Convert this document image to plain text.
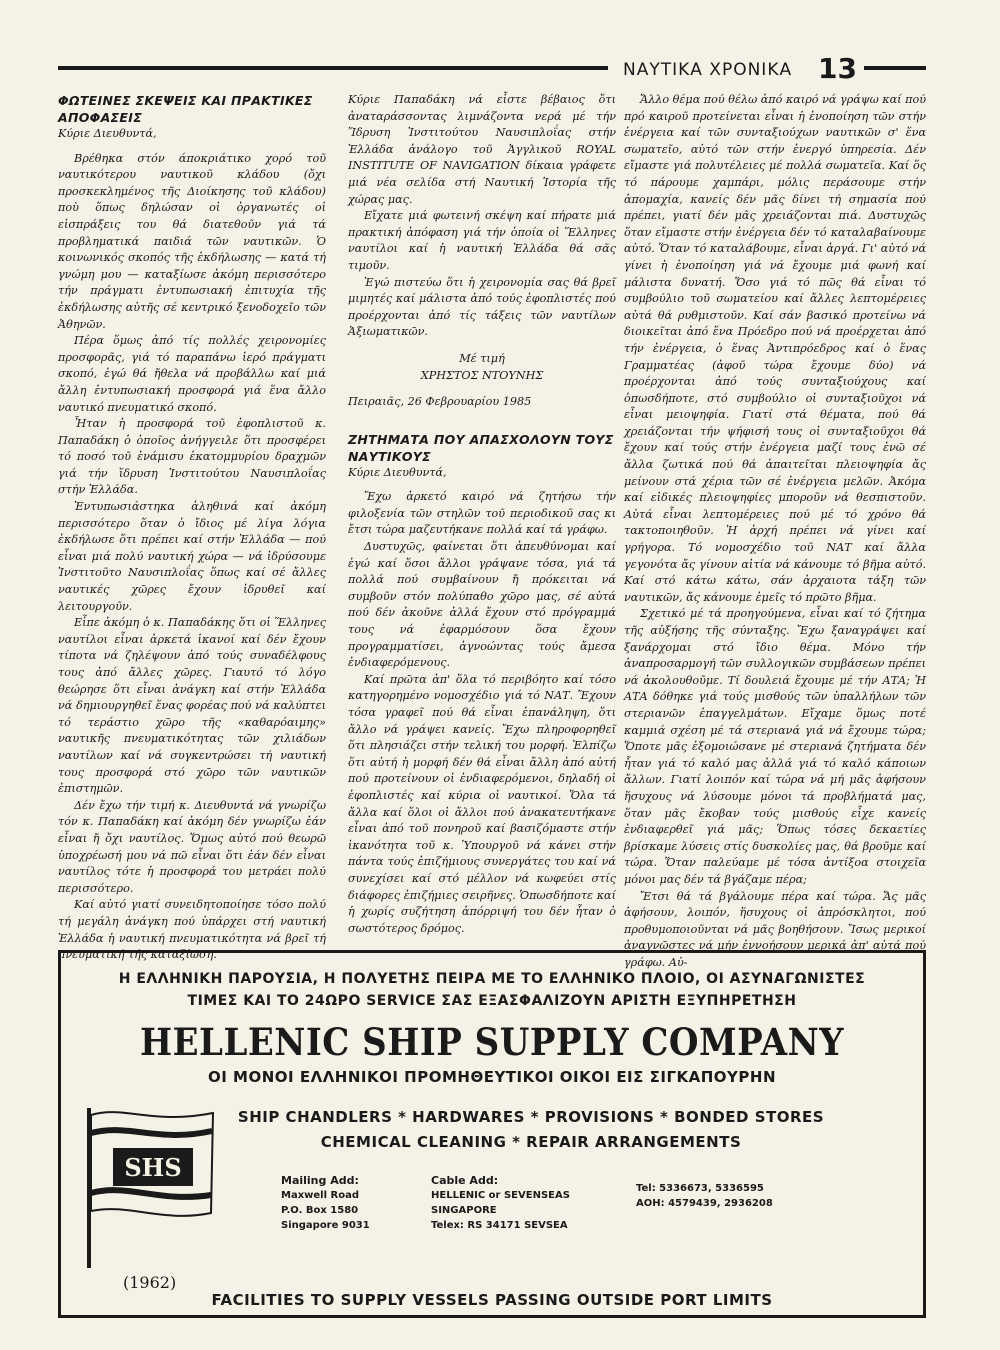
ΝΑΥΤΙΚΑ ΧΡΟΝΙΚΑ 13
ΦΩΤΕΙΝΕΣ ΣΚΕΨΕΙΣ ΚΑΙ ΠΡΑΚΤΙΚΕΣ
ΑΠΟΦΑΣΕΙΣ

Κύριε Διευθυντά,

Βρέθηκα στόν άποκριάτικο χορό τοῦ ναυτικότερου ναυτικοῦ κλάδου (ὄχι προσκεκλημένος τῆς Διοίκησης τοῦ κλάδου) ποὺ ὅπως δηλώσαν οἱ ὀργανωτές οἱ εἰσπράξεις του θά διατεθοῦν γιά τά προβληματικά παιδιά τῶν ναυτικῶν. Ὁ κοινωνικός σκοπός τῆς ἐκδήλωσης — κατά τή γνώμη μου — καταξίωσε ἀκόμη περισσότερο τήν πράγματι ἐντυπωσιακή ἐπιτυχία τῆς ἐκδήλωσης αὐτῆς σέ κεντρικό ξενοδοχεῖο τῶν Ἀθηνῶν.

Πέρα ὅμως ἀπό τίς πολλές χειρονομίες προσφορᾶς, γιά τό παραπάνω ἱερό πράγματι σκοπό, ἐγώ θά ἤθελα νά προβάλλω καί μιά ἄλλη ἐντυπωσιακή προσφορά γιά ἕνα ἄλλο ναυτικό πνευματικό σκοπό.

Ἦταν ἡ προσφορά τοῦ ἐφοπλιστοῦ κ. Παπαδάκη ὁ ὁποῖος ἀνήγγειλε ὅτι προσφέρει τό ποσό τοῦ ἑνάμισυ ἑκατομμυρίου δραχμῶν γιά τήν ἵδρυση Ἰνστιτούτου Ναυσιπλοΐας στήν Ἑλλάδα.

Ἐντυπωσιάστηκα ἀληθινά καί ἀκόμη περισσότερο ὅταν ὁ ἴδιος μέ λίγα λόγια ἐκδήλωσε ὅτι πρέπει καί στήν Ἑλλάδα — πού εἶναι μιά πολύ ναυτική χώρα — νά ἱδρύσουμε Ἰνστιτοῦτο Ναυσιπλοΐας ὅπως καί σέ ἄλλες ναυτικές χῶρες ἔχουν ἱδρυθεῖ καί λειτουργοῦν.

Εἶπε ἀκόμη ὁ κ. Παπαδάκης ὅτι οἱ Ἕλληνες ναυτίλοι εἶναι ἀρκετά ἱκανοί καί δέν ἔχουν τίποτα νά ζηλέψουν ἀπό τούς συναδέλφους τους ἀπό ἄλλες χῶρες. Γιαυτό τό λόγο θεώρησε ὅτι εἶναι ἀνάγκη καί στήν Ἑλλάδα νά δημιουργηθεῖ ἕνας φορέας πού νά καλύπτει τό τεράστιο χῶρο τῆς «καθαρόαιμης» ναυτικῆς πνευματικότητας τῶν χιλιάδων ναυτίλων καί νά συγκεντρώσει τή ναυτική τους προσφορά στό χῶρο τῶν ναυτικῶν ἐπιστημῶν.

Δέν ἔχω τήν τιμή κ. Διευθυντά νά γνωρίζω τόν κ. Παπαδάκη καί ἀκόμη δέν γνωρίζω ἐάν εἶναι ἤ ὄχι ναυτίλος. Ὅμως αὐτό πού θεωρῶ ὑποχρέωσή μου νά πῶ εἶναι ὅτι ἐάν δέν εἶναι ναυτίλος τότε ἡ προσφορά του μετράει πολύ περισσότερο.

Καί αὐτό γιατί συνειδητοποίησε τόσο πολύ τή μεγάλη ἀνάγκη πού ὑπάρχει στή ναυτική Ἑλλάδα ἡ ναυτική πνευματικότητα νά βρεῖ τή πνευματική τής καταξίωση.

Κύριε Παπαδάκη νά εἶστε βέβαιος ὅτι ἀναταράσσοντας λιμνάζοντα νερά μέ τήν Ἵδρυση Ἰνστιτούτου Ναυσιπλοΐας στήν Ἑλλάδα ἀνάλογο τοῦ Ἀγγλικοῦ ROYAL INSTITUTE OF NAVIGATION δίκαια γράφετε μιά νέα σελίδα στή Ναυτική Ἱστορία τῆς χώρας μας.

Εἴχατε μιά φωτεινή σκέψη καί πήρατε μιά πρακτική ἀπόφαση γιά τήν ὁποία οἱ Ἕλληνες ναυτίλοι καί ἡ ναυτική Ἑλλάδα θά σᾶς τιμοῦν.

Ἐγώ πιστεύω ὅτι ἡ χειρονομία σας θά βρεῖ μιμητές καί μάλιστα ἀπό τούς ἐφοπλιστές πού προέρχονται ἀπό τίς τάξεις τῶν ναυτίλων Ἀξιωματικῶν.

Μέ τιμή

ΧΡΗΣΤΟΣ ΝΤΟΥΝΗΣ

Πειραιᾶς, 26 Φεβρουαρίου 1985

ΖΗΤΗΜΑΤΑ ΠΟΥ ΑΠΑΣΧΟΛΟΥΝ ΤΟΥΣ
ΝΑΥΤΙΚΟΥΣ

Κύριε Διευθυντά,

Ἔχω ἀρκετό καιρό νά ζητήσω τήν φιλοξενία τῶν στηλῶν τοῦ περιοδικοῦ σας κι ἔτσι τώρα μαζευτήκανε πολλά καί τά γράφω.

Δυστυχῶς, φαίνεται ὅτι ἀπευθύνομαι καί ἐγώ καί ὅσοι ἄλλοι γράψανε τόσα, γιά τά πολλά πού συμβαίνουν ἤ πρόκειται νά συμβοῦν στόν πολύπαθο χῶρο μας, σέ αὐτά πού δέν ἀκοῦνε ἀλλά ἔχουν στό πρόγραμμά τους νά ἐφαρμόσουν ὅσα ἔχουν προγραμματίσει, ἀγνοώντας τούς ἄμεσα ἐνδιαφερόμενους.

Καί πρῶτα ἀπ' ὅλα τό περιβόητο καί τόσο κατηγορημένο νομοσχέδιο γιά τό ΝΑΤ. Ἔχουν τόσα γραφεῖ πού θά εἶναι ἐπανάληψη, ὅτι ἄλλο νά γράψει κανείς. Ἔχω πληροφορηθεῖ ὅτι πλησιάζει στήν τελική του μορφή. Ἐλπίζω ὅτι αὐτή ἡ μορφή δέν θά εἶναι ἄλλη ἀπό αὐτή πού προτείνουν οἱ ἐνδιαφερόμενοι, δηλαδή οἱ ἐφοπλιστές καί κύρια οἱ ναυτικοί. Ὅλα τά ἄλλα καί ὅλοι οἱ ἄλλοι πού ἀνακατευτήκανε εἶναι ἀπό τοῦ πονηροῦ καί βασιζόμαστε στήν ἱκανότητα τοῦ κ. Ὑπουργοῦ νά κάνει στήν πάντα τούς ἐπιζήμιους συνεργάτες του καί νά συνεχίσει καί στό μέλλον νά κωφεύει στίς διάφορες ἐπιζήμιες σειρῆνες. Ὁπωσδήποτε καί ἡ χωρίς συζήτηση ἀπόρριψή του δέν ἦταν ὁ σωστότερος δρόμος.

Ἄλλο θέμα πού θέλω ἀπό καιρό νά γράψω καί πού πρό καιροῦ προτείνεται εἶναι ἡ ἑνοποίηση τῶν στήν ἐνέργεια καί τῶν συνταξιούχων ναυτικῶν σ' ἕνα σωματεῖο, αὐτό τῶν στήν ἐνεργό ὑπηρεσία. Δέν εἴμαστε γιά πολυτέλειες μέ πολλά σωματεῖα. Καί ὅς τό πάρουμε χαμπάρι, μόλις περάσουμε στήν ἀπομαχία, κανείς δέν μᾶς δίνει τή σημασία πού πρέπει, γιατί δέν μᾶς χρειάζονται πιά. Δυστυχῶς ὅταν εἴμαστε στήν ἐνέργεια δέν τό καταλαβαίνουμε αὐτό. Ὅταν τό καταλάβουμε, εἶναι ἀργά. Γι' αὐτό νά γίνει ἡ ἑνοποίηση γιά νά ἔχουμε μιά φωνή καί μάλιστα δυνατή. Ὅσο γιά τό πῶς θά εἶναι τό συμβούλιο τοῦ σωματείου καί ἄλλες λεπτομέρειες αὐτά θά ρυθμιστοῦν. Καί σάν βασικό προτείνω νά διοικεῖται ἀπό ἕνα Πρόεδρο πού νά προέρχεται ἀπό τήν ἐνέργεια, ὁ ἕνας Ἀντιπρόεδρος καί ὁ ἕνας Γραμματέας (ἀφοῦ τώρα ἔχουμε δύο) νά προέρχονται ἀπό τούς συνταξιούχους καί ὁπωσδήποτε, στό συμβούλιο οἱ συνταξιοῦχοι νά εἶναι μειοψηφία. Γιατί στά θέματα, πού θά χρειάζονται τήν ψήφισή τους οἱ συνταξιοῦχοι θά ἔχουν καί τούς στήν ἐνέργεια μαζί τους ἐνῶ σέ ἄλλα ζωτικά πού θά ἀπαιτεῖται πλειοψηφία ἄς μείνουν στά χέρια τῶν σέ ἐνέργεια μελῶν. Ἀκόμα καί εἰδικές πλειοψηφίες μποροῦν νά θεσπιστοῦν. Αὐτά εἶναι λεπτομέρειες πού μέ τό χρόνο θά τακτοποιηθοῦν. Ἡ ἀρχή πρέπει νά γίνει καί γρήγορα. Τό νομοσχέδιο τοῦ ΝΑΤ καί ἄλλα γεγονότα ἄς γίνουν αἰτία νά κάνουμε τό βῆμα αὐτό. Καί στό κάτω κάτω, σάν ἀρχαιοτα τάξη τῶν ναυτικῶν, ἄς κάνουμε ἐμεῖς τό πρῶτο βῆμα.

Σχετικό μέ τά προηγούμενα, εἶναι καί τό ζήτημα τῆς αὐξήσης τῆς σύνταξης. Ἔχω ξαναγράψει καί ξανάρχομαι στό ἴδιο θέμα. Μόνο τήν ἀναπροσαρμογή τῶν συλλογικῶν συμβάσεων πρέπει νά ἀκολουθοῦμε. Τί δουλειά ἔχουμε μέ τήν ΑΤΑ; Ἡ ΑΤΑ δόθηκε γιά τούς μισθούς τῶν ὑπαλλήλων τῶν στεριανῶν ἐπαγγελμάτων. Εἴχαμε ὅμως ποτέ καμμιά σχέση μέ τά στεριανά γιά νά ἔχουμε τώρα; Ὅποτε μᾶς ἐξομοιώσανε μέ στεριανά ζητήματα δέν ἦταν γιά τό καλό μας ἀλλά γιά τό καλό κάποιων ἄλλων. Γιατί λοιπόν καί τώρα νά μή μᾶς ἀφήσουν ἥσυχους νά λύσουμε μόνοι τά προβλήματά μας, ὅταν μᾶς ἔκοβαν τούς μισθούς εἶχε κανείς ἐνδιαφερθεῖ γιά μᾶς; Ὅπως τόσες δεκαετίες βρίσκαμε λύσεις στίς δυσκολίες μας, θά βροῦμε καί τώρα. Ὅταν παλεύαμε μέ τόσα ἀντίξοα στοιχεῖα μόνοι μας δέν τά βγάζαμε πέρα;

Ἔτσι θά τά βγάλουμε πέρα καί τώρα. Ἄς μᾶς ἀφήσουν, λοιπόν, ἥσυχους οἱ ἀπρόσκλητοι, πού προθυμοποιοῦνται νά μᾶς βοηθήσουν. Ἴσως μερικοί ἀναγνῶστες νά μήν ἐννοήσουν μερικά ἀπ' αὐτά πού γράφω. Αὐ-

Η ΕΛΛΗΝΙΚΗ ΠΑΡΟΥΣΙΑ, Η ΠΟΛΥΕΤΗΣ ΠΕΙΡΑ ΜΕ ΤΟ ΕΛΛΗΝΙΚΟ ΠΛΟΙΟ, ΟΙ ΑΣΥΝΑΓΩΝΙΣΤΕΣ
ΤΙΜΕΣ ΚΑΙ ΤΟ 24ΩΡΟ SERVICE ΣΑΣ ΕΞΑΣΦΑΛΙΖΟΥΝ ΑΡΙΣΤΗ ΕΞΥΠΗΡΕΤΗΣΗ
HELLENIC SHIP SUPPLY COMPANY
ΟΙ ΜΟΝΟΙ ΕΛΛΗΝΙΚΟΙ ΠΡΟΜΗΘΕΥΤΙΚΟΙ ΟΙΚΟΙ ΕΙΣ ΣΙΓΚΑΠΟΥΡΗΝ
SHS
(1962)
SHIP CHANDLERS * HARDWARES * PROVISIONS * BONDED STORES
CHEMICAL CLEANING * REPAIR ARRANGEMENTS
Mailing Add:
Maxwell Road
P.O. Box 1580
Singapore 9031
Cable Add:
HELLENIC or SEVENSEAS
SINGAPORE
Telex: RS 34171 SEVSEA
Tel: 5336673, 5336595
AOH: 4579439, 2936208
FACILITIES TO SUPPLY VESSELS PASSING OUTSIDE PORT LIMITS
